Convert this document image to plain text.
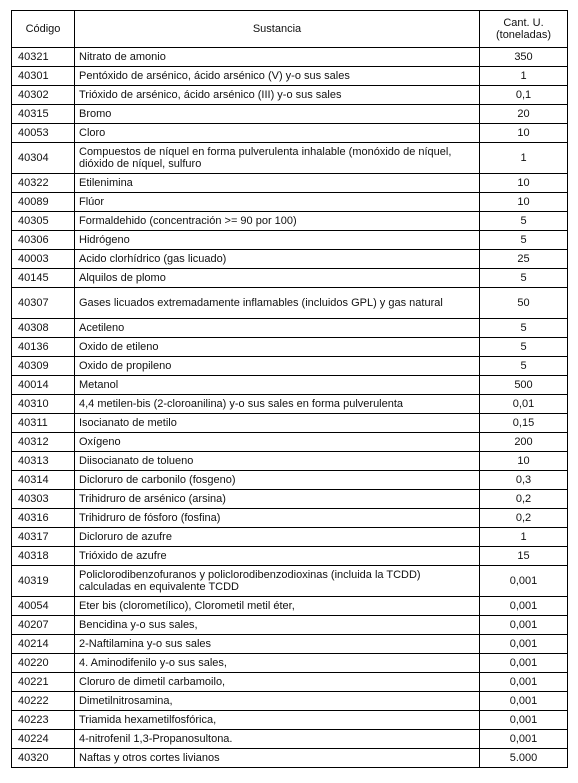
Código	Sustancia	Cant. U.
(toneladas)

40321	Nitrato de amonio	350
40301	Pentóxido de arsénico, ácido arsénico (V) y-o sus sales	1
40302	Trióxido de arsénico, ácido arsénico (III) y-o sus sales	0,1
40315	Bromo	20
40053	Cloro	10
40304	Compuestos de níquel en forma pulverulenta inhalable (monóxido de níquel, dióxido de níquel, sulfuro	1
40322	Etilenimina	10
40089	Flúor	10
40305	Formaldehido (concentración >= 90 por 100)	5
40306	Hidrógeno	5
40003	Acido clorhídrico (gas licuado)	25
40145	Alquilos de plomo	5
40307	Gases licuados extremadamente inflamables (incluidos GPL) y gas natural	50
40308	Acetileno	5
40136	Oxido de etileno	5
40309	Oxido de propileno	5
40014	Metanol	500
40310	4,4 metilen-bis (2-cloroanilina) y-o sus sales en forma pulverulenta	0,01
40311	Isocianato de metilo	0,15
40312	Oxígeno	200
40313	Diisocianato de tolueno	10
40314	Dicloruro de carbonilo (fosgeno)	0,3
40303	Trihidruro de arsénico (arsina)	0,2
40316	Trihidruro de fósforo (fosfina)	0,2
40317	Dicloruro de azufre	1
40318	Trióxido de azufre	15
40319	Policlorodibenzofuranos y policlorodibenzodioxinas (incluida la TCDD) calculadas en equivalente TCDD	0,001
40054	Eter bis (clorometílico), Clorometil metil éter,	0,001
40207	Bencidina y-o sus sales,	0,001
40214	2-Naftilamina y-o sus sales	0,001
40220	4. Aminodifenilo y-o sus sales,	0,001
40221	Cloruro de dimetil carbamoilo,	0,001
40222	Dimetilnitrosamina,	0,001
40223	Triamida hexametilfosfórica,	0,001
40224	4-nitrofenil 1,3-Propanosultona.	0,001
40320	Naftas y otros cortes livianos	5.000
